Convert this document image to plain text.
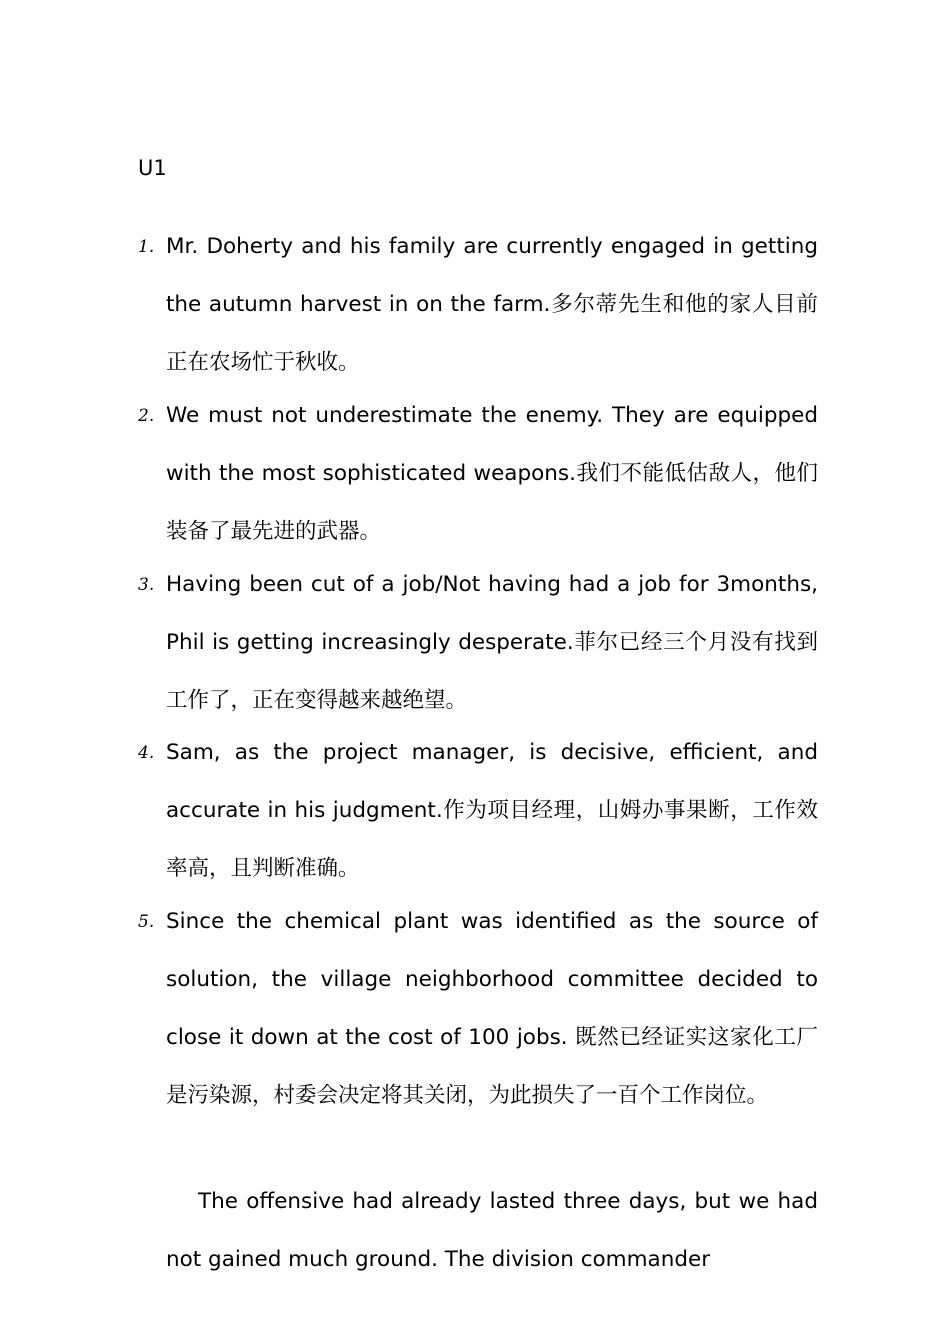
U1
1. Mr. Doherty and his family are currently engaged in getting the autumn harvest in on the farm.多尔蒂先生和他的家人目前正在农场忙于秋收。
2. We must not underestimate the enemy. They are equipped with the most sophisticated weapons.我们不能低估敌人，他们装备了最先进的武器。
3. Having been cut of a job/Not having had a job for 3months, Phil is getting increasingly desperate.菲尔已经三个月没有找到工作了，正在变得越来越绝望。
4. Sam, as the project manager, is decisive, efficient, and accurate in his judgment.作为项目经理，山姆办事果断，工作效率高，且判断准确。
5. Since the chemical plant was identified as the source of solution, the village neighborhood committee decided to close it down at the cost of 100 jobs. 既然已经证实这家化工厂是污染源，村委会决定将其关闭，为此损失了一百个工作岗位。
The offensive had already lasted three days, but we had not gained much ground. The division commander
